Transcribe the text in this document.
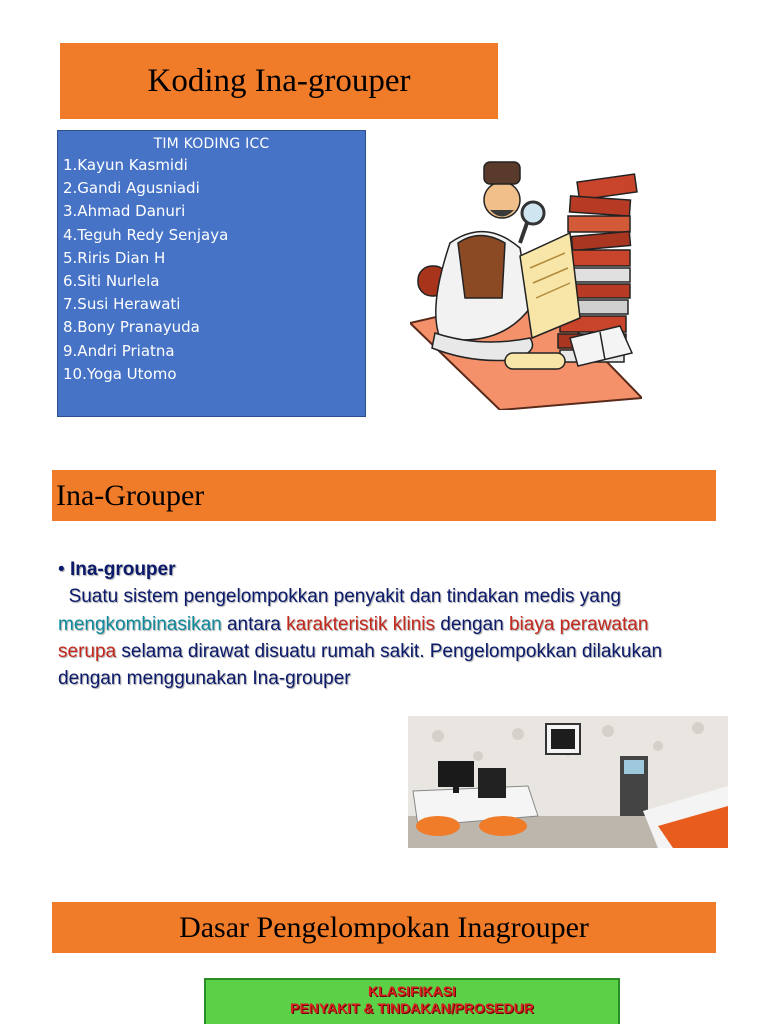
Koding Ina-grouper
TIM KODING ICC
1.Kayun Kasmidi
2.Gandi Agusniadi
3.Ahmad Danuri
4.Teguh Redy Senjaya
5.Riris Dian H
6.Siti Nurlela
7.Susi Herawati
8.Bony Pranayuda
9.Andri Priatna
10.Yoga Utomo
Ina-Grouper
• Ina-grouper
Suatu sistem pengelompokkan penyakit dan tindakan medis yang mengkombinasikan antara karakteristik klinis dengan biaya perawatan serupa selama dirawat disuatu rumah sakit. Pengelompokkan dilakukan dengan menggunakan Ina-grouper
Dasar Pengelompokan Inagrouper
KLASIFIKASI
PENYAKIT & TINDAKAN/PROSEDUR
